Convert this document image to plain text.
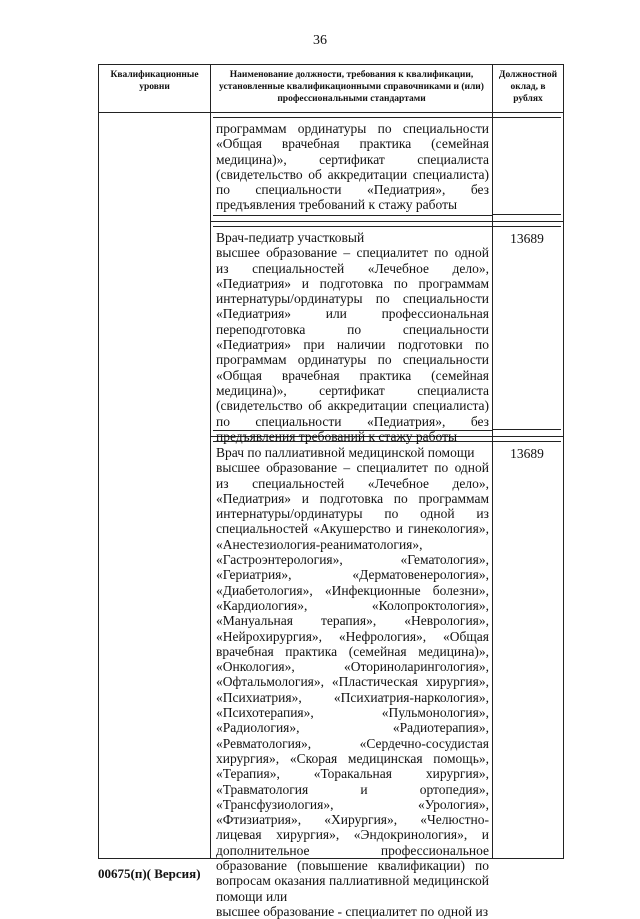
36
Квалификационные уровни	Наименование должности, требования к квалификации, установленные квалификационными справочниками и (или) профессиональными стандартами	Должностной оклад, в рублях

	программам ординатуры по специальности «Общая врачебная практика (семейная медицина)», сертификат специалиста (свидетельство об аккредитации специалиста) по специальности «Педиатрия», без предъявления требований к стажу работы	

	Врач-педиатр участковый
высшее образование – специалитет по одной из специальностей «Лечебное дело», «Педиатрия» и подготовка по программам интернатуры/ординатуры по специальности «Педиатрия» или профессиональная переподготовка по специальности «Педиатрия» при наличии подготовки по программам ординатуры по специальности «Общая врачебная практика (семейная медицина)», сертификат специалиста (свидетельство об аккредитации специалиста) по специальности «Педиатрия», без предъявления требований к стажу работы	13689

	Врач по паллиативной медицинской помощи
высшее образование – специалитет по одной из специальностей «Лечебное дело», «Педиатрия» и подготовка по программам интернатуры/ординатуры по одной из специальностей «Акушерство и гинекология», «Анестезиология-реаниматология», «Гастроэнтерология», «Гематология», «Гериатрия», «Дерматовенерология», «Диабетология», «Инфекционные болезни», «Кардиология», «Колопроктология», «Мануальная терапия», «Неврология», «Нейрохирургия», «Нефрология», «Общая врачебная практика (семейная медицина)», «Онкология», «Оториноларингология», «Офтальмология», «Пластическая хирургия», «Психиатрия», «Психиатрия-наркология», «Психотерапия», «Пульмонология», «Радиология», «Радиотерапия», «Ревматология», «Сердечно-сосудистая хирургия», «Скорая медицинская помощь», «Терапия», «Торакальная хирургия», «Травматология и ортопедия», «Трансфузиология», «Урология», «Фтизиатрия», «Хирургия», «Челюстно-лицевая хирургия», «Эндокринология», и дополнительное профессиональное образование (повышение квалификации) по вопросам оказания паллиативной медицинской помощи или
высшее образование - специалитет по одной из	13689
00675(п)( Версия)
